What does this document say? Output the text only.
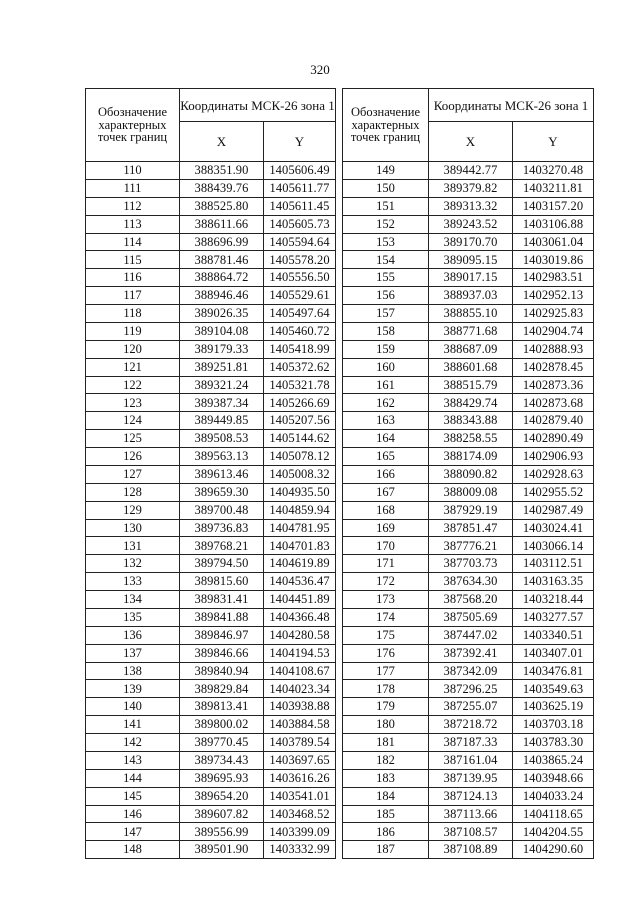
320
Обозначение характерных точек границ	Координаты МСК-26 зона 1	
	X	Y
110	388351.90	1405606.49
111	388439.76	1405611.77
112	388525.80	1405611.45
113	388611.66	1405605.73
114	388696.99	1405594.64
115	388781.46	1405578.20
116	388864.72	1405556.50
117	388946.46	1405529.61
118	389026.35	1405497.64
119	389104.08	1405460.72
120	389179.33	1405418.99
121	389251.81	1405372.62
122	389321.24	1405321.78
123	389387.34	1405266.69
124	389449.85	1405207.56
125	389508.53	1405144.62
126	389563.13	1405078.12
127	389613.46	1405008.32
128	389659.30	1404935.50
129	389700.48	1404859.94
130	389736.83	1404781.95
131	389768.21	1404701.83
132	389794.50	1404619.89
133	389815.60	1404536.47
134	389831.41	1404451.89
135	389841.88	1404366.48
136	389846.97	1404280.58
137	389846.66	1404194.53
138	389840.94	1404108.67
139	389829.84	1404023.34
140	389813.41	1403938.88
141	389800.02	1403884.58
142	389770.45	1403789.54
143	389734.43	1403697.65
144	389695.93	1403616.26
145	389654.20	1403541.01
146	389607.82	1403468.52
147	389556.99	1403399.09
148	389501.90	1403332.99
Обозначение характерных точек границ	Координаты МСК-26 зона 1	
	X	Y
149	389442.77	1403270.48
150	389379.82	1403211.81
151	389313.32	1403157.20
152	389243.52	1403106.88
153	389170.70	1403061.04
154	389095.15	1403019.86
155	389017.15	1402983.51
156	388937.03	1402952.13
157	388855.10	1402925.83
158	388771.68	1402904.74
159	388687.09	1402888.93
160	388601.68	1402878.45
161	388515.79	1402873.36
162	388429.74	1402873.68
163	388343.88	1402879.40
164	388258.55	1402890.49
165	388174.09	1402906.93
166	388090.82	1402928.63
167	388009.08	1402955.52
168	387929.19	1402987.49
169	387851.47	1403024.41
170	387776.21	1403066.14
171	387703.73	1403112.51
172	387634.30	1403163.35
173	387568.20	1403218.44
174	387505.69	1403277.57
175	387447.02	1403340.51
176	387392.41	1403407.01
177	387342.09	1403476.81
178	387296.25	1403549.63
179	387255.07	1403625.19
180	387218.72	1403703.18
181	387187.33	1403783.30
182	387161.04	1403865.24
183	387139.95	1403948.66
184	387124.13	1404033.24
185	387113.66	1404118.65
186	387108.57	1404204.55
187	387108.89	1404290.60
